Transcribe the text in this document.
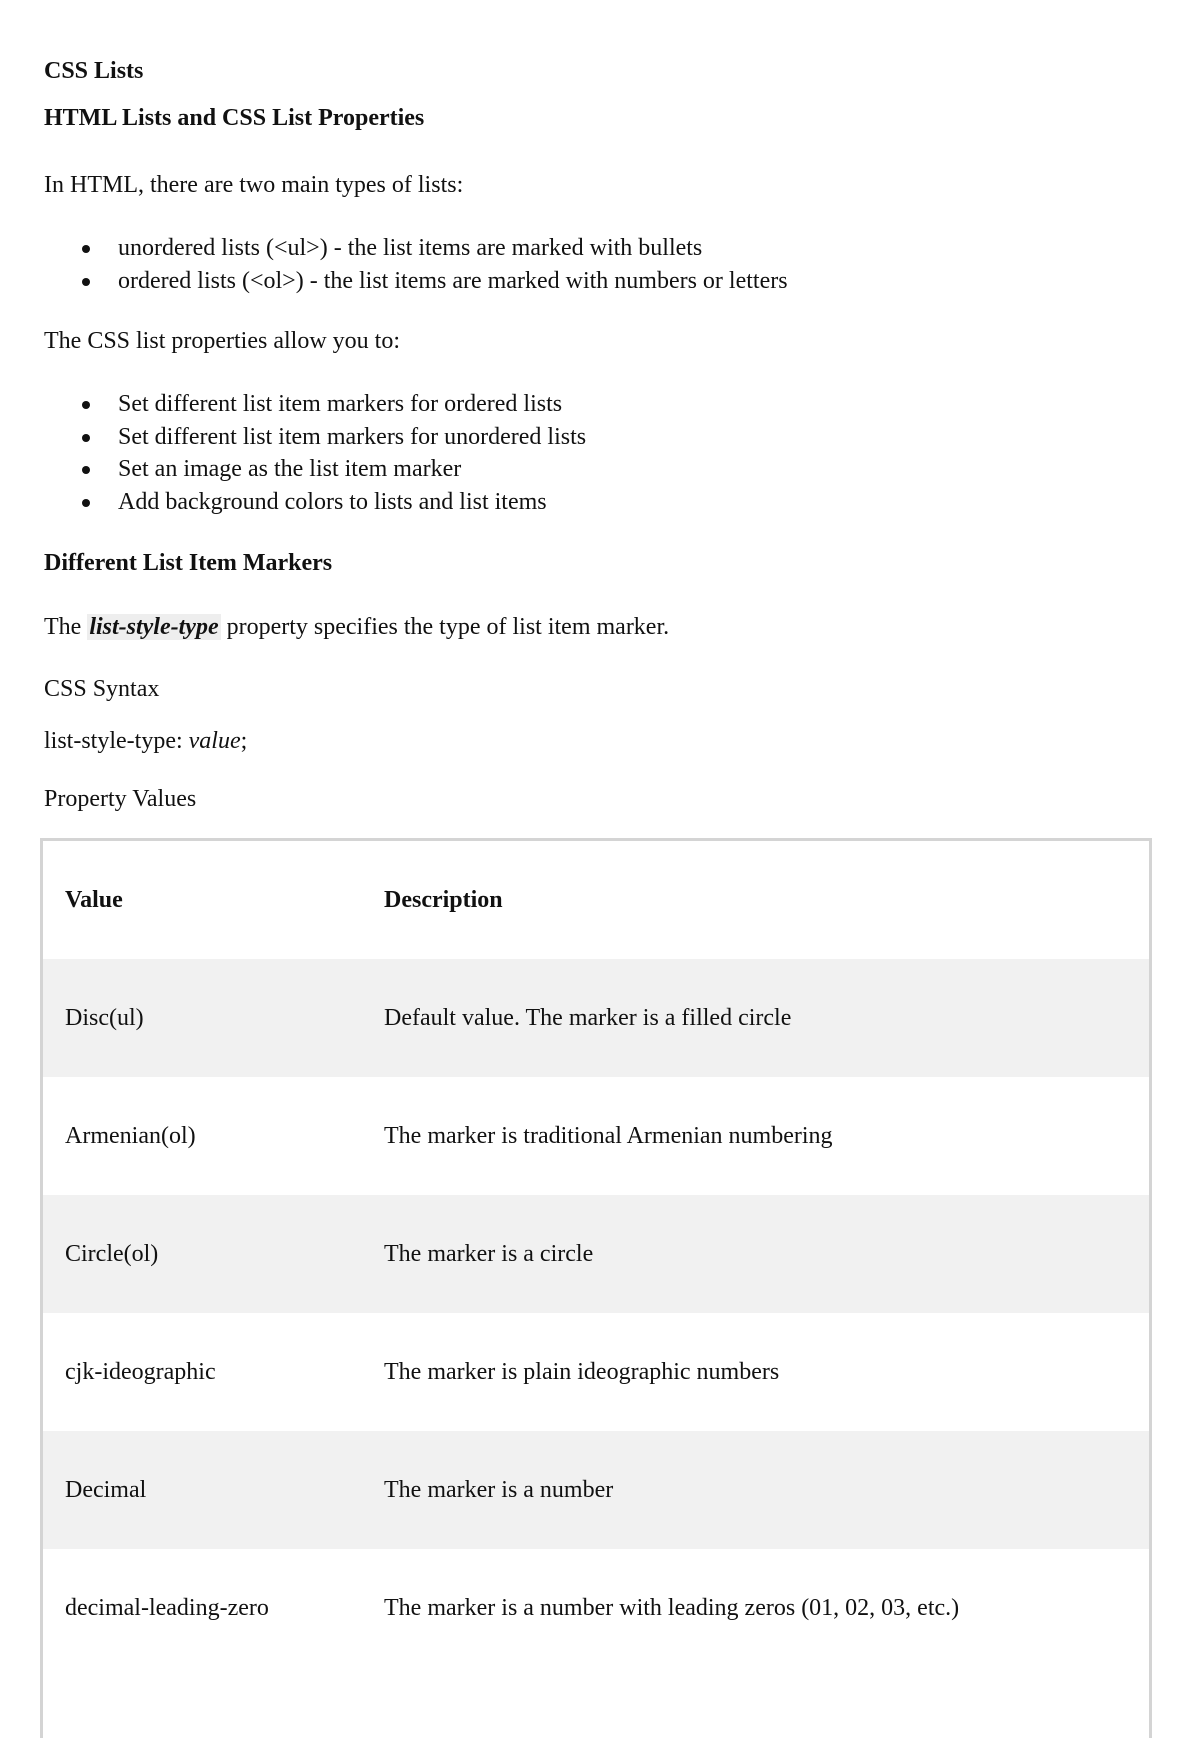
CSS Lists
HTML Lists and CSS List Properties

In HTML, there are two main types of lists:

unordered lists (<ul>) - the list items are marked with bullets
ordered lists (<ol>) - the list items are marked with numbers or letters

The CSS list properties allow you to:

Set different list item markers for ordered lists
Set different list item markers for unordered lists
Set an image as the list item marker
Add background colors to lists and list items
Different List Item Markers

The list-style-type property specifies the type of list item marker.

CSS Syntax

list-style-type: value;

Property Values

Value	Description
Disc(ul)	Default value. The marker is a filled circle
Armenian(ol)	The marker is traditional Armenian numbering
Circle(ol)	The marker is a circle
cjk-ideographic	The marker is plain ideographic numbers
Decimal	The marker is a number
decimal-leading-zero	The marker is a number with leading zeros (01, 02, 03, etc.)
